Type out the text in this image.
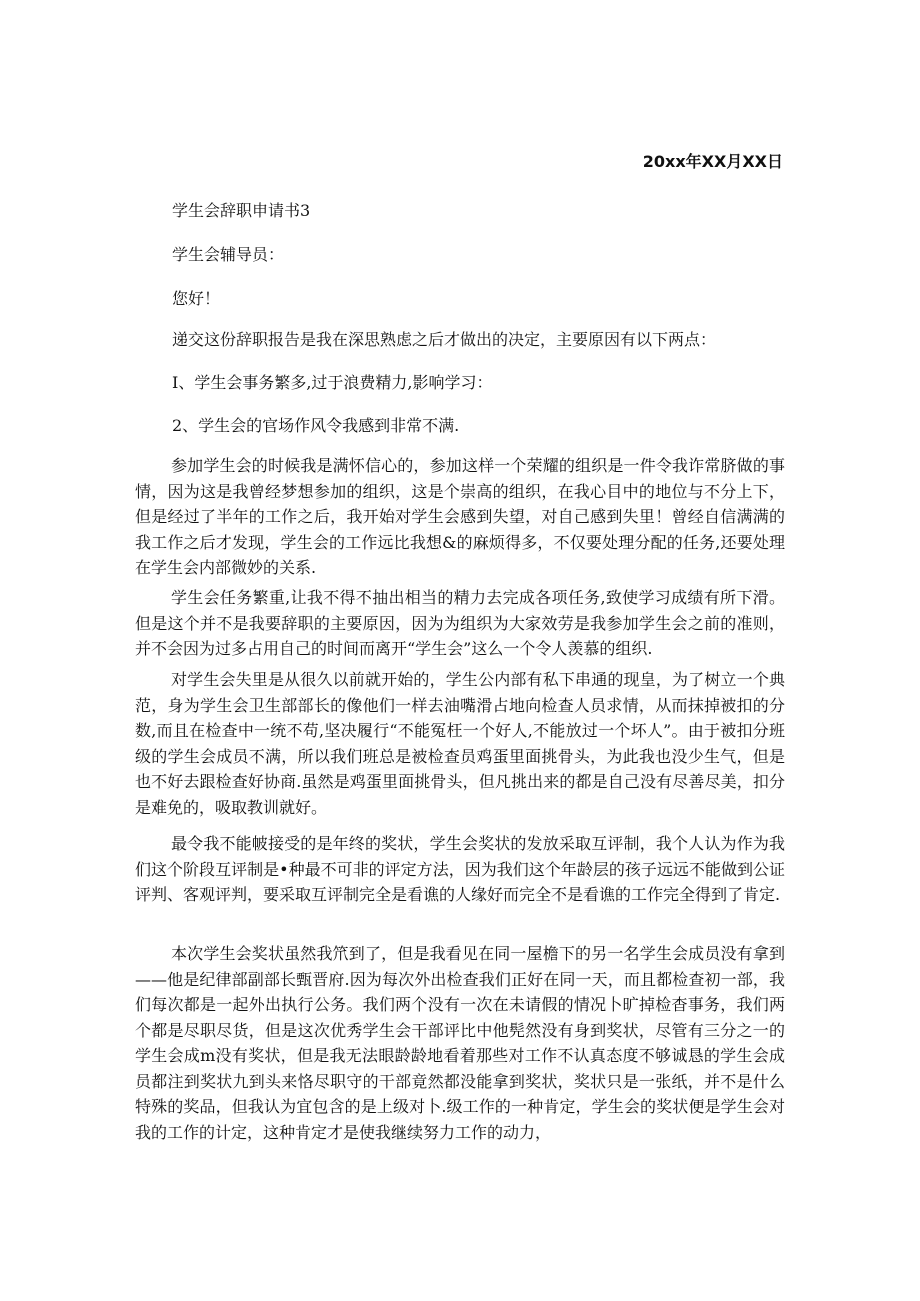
20xx年XX月XX日
学生会辞职申请书3
学生会辅导员：
您好！
递交这份辞职报告是我在深思熟虑之后才做出的决定，主要原因有以下两点：
I、学生会事务繁多,过于浪费精力,影响学习：
2、学生会的官场作风令我感到非常不满.

参加学生会的时候我是满怀信心的，参加这样一个荣耀的组织是一件令我诈常脐做的事情，因为这是我曾经梦想参加的组织，这是个崇高的组织，在我心目中的地位与不分上下，但是经过了半年的工作之后，我开始对学生会感到失望，对自己感到失里！曾经自信满满的我工作之后才发现，学生会的工作远比我想&的麻烦得多，不仅要处理分配的任务,还要处理在学生会内部微妙的关系.

学生会任务繁重,让我不得不抽出相当的精力去完成各项任务,致使学习成绩有所下滑。但是这个并不是我要辞职的主要原因，因为为组织为大家效劳是我参加学生会之前的准则，并不会因为过多占用自己的时间而离开“学生会”这么一个令人羡慕的组织.

对学生会失里是从很久以前就开始的，学生公内部有私下串通的现皇，为了树立一个典范，身为学生会卫生部部长的像他们一样去油嘴滑占地向检查人员求情，从而抹掉被扣的分数,而且在检查中一统不苟,坚决履行“不能冤枉一个好人,不能放过一个坏人”。由于被扣分班级的学生会成员不满，所以我们班总是被检查员鸡蛋里面挑骨头，为此我也没少生气，但是也不好去跟检查好协商.虽然是鸡蛋里面挑骨头，但凡挑出来的都是自己没有尽善尽美，扣分是难免的，吸取教训就好。

最令我不能帔接受的是年终的奖状，学生会奖状的发放采取互评制，我个人认为作为我们这个阶段互评制是•种最不可非的评定方法，因为我们这个年龄层的孩子远远不能做到公证评判、客观评判，要采取互评制完全是看谯的人缘好而完全不是看谯的工作完全得到了肯定.

本次学生会奖状虽然我笊到了，但是我看见在同一屋檐下的另一名学生会成员没有拿到——他是纪律部副部长甄晋府.因为每次外出检查我们正好在同一天，而且都检查初一部，我们每次都是一起外出执行公务。我们两个没有一次在未请假的情况卜旷掉检杳事务，我们两个都是尽职尽货，但是这次优秀学生会干部评比中他髡然没有身到奖状，尽管有三分之一的学生会成m没有奖状，但是我无法眼龄龄地看着那些对工作不认真态度不够诚恳的学生会成员都注到奖状九到头来恪尽职守的干部竟然都没能拿到奖状，奖状只是一张纸，并不是什么特殊的奖品，但我认为宜包含的是上级对卜.级工作的一种肯定，学生会的奖状便是学生会对我的工作的计定，这种肯定才是使我继续努力工作的动力，
